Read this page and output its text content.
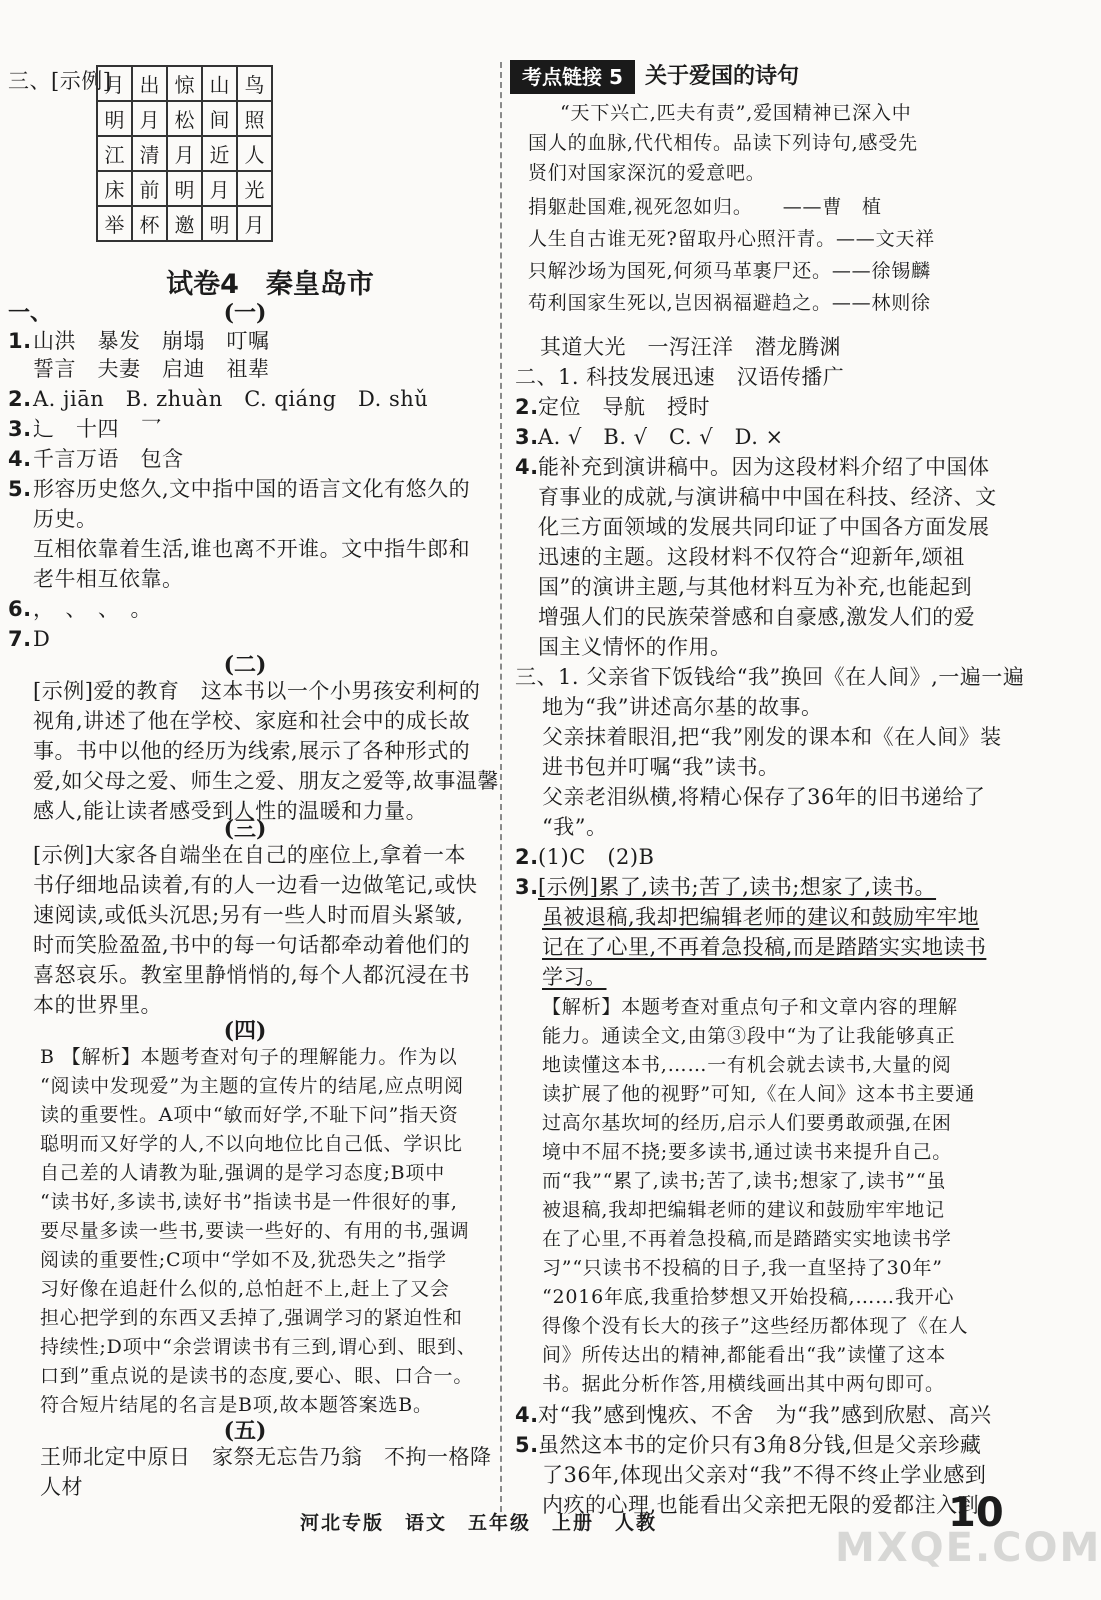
三、[示例]
月	出	惊	山	鸟
明	月	松	间	照
江	清	月	近	人
床	前	明	月	光
举	杯	邀	明	月
试卷4　秦皇岛市
一、	(一)
1. 山洪　暴发　崩塌　叮嘱
誓言　夫妻　启迪　祖辈
2. A. jiān　B. zhuàn　C. qiáng　D. shǔ
3. 辶　十四　乛
4. 千言万语　包含
5. 形容历史悠久,文中指中国的语言文化有悠久的
历史。
互相依靠着生活,谁也离不开谁。文中指牛郎和
老牛相互依靠。
6. ，　、　、　。
7. D
(二)
[示例]爱的教育　这本书以一个小男孩安利柯的
视角,讲述了他在学校、家庭和社会中的成长故
事。书中以他的经历为线索,展示了各种形式的
爱,如父母之爱、师生之爱、朋友之爱等,故事温馨
感人,能让读者感受到人性的温暖和力量。
(三)
[示例]大家各自端坐在自己的座位上,拿着一本
书仔细地品读着,有的人一边看一边做笔记,或快
速阅读,或低头沉思;另有一些人时而眉头紧皱,
时而笑脸盈盈,书中的每一句话都牵动着他们的
喜怒哀乐。教室里静悄悄的,每个人都沉浸在书
本的世界里。
(四)
B 【解析】本题考查对句子的理解能力。作为以
“阅读中发现爱”为主题的宣传片的结尾,应点明阅
读的重要性。A项中“敏而好学,不耻下问”指天资
聪明而又好学的人,不以向地位比自己低、学识比
自己差的人请教为耻,强调的是学习态度;B项中
“读书好,多读书,读好书”指读书是一件很好的事,
要尽量多读一些书,要读一些好的、有用的书,强调
阅读的重要性;C项中“学如不及,犹恐失之”指学
习好像在追赶什么似的,总怕赶不上,赶上了又会
担心把学到的东西又丢掉了,强调学习的紧迫性和
持续性;D项中“余尝谓读书有三到,谓心到、眼到、
口到”重点说的是读书的态度,要心、眼、口合一。
符合短片结尾的名言是B项,故本题答案选B。
(五)
王师北定中原日　家祭无忘告乃翁　不拘一格降
人材
考点链接 5	关于爱国的诗句
“天下兴亡,匹夫有责”,爱国精神已深入中
国人的血脉,代代相传。品读下列诗句,感受先
贤们对国家深沉的爱意吧。
捐躯赴国难,视死忽如归。　　——曹　植
人生自古谁无死?留取丹心照汗青。——文天祥
只解沙场为国死,何须马革裹尸还。——徐锡麟
苟利国家生死以,岂因祸福避趋之。——林则徐
其道大光　一泻汪洋　潜龙腾渊
二、1. 科技发展迅速　汉语传播广
2. 定位　导航　授时
3. A. √　B. √　C. √　D. ×
4. 能补充到演讲稿中。因为这段材料介绍了中国体
育事业的成就,与演讲稿中中国在科技、经济、文
化三方面领域的发展共同印证了中国各方面发展
迅速的主题。这段材料不仅符合“迎新年,颂祖
国”的演讲主题,与其他材料互为补充,也能起到
增强人们的民族荣誉感和自豪感,激发人们的爱
国主义情怀的作用。
三、1. 父亲省下饭钱给“我”换回《在人间》,一遍一遍
地为“我”讲述高尔基的故事。
父亲抹着眼泪,把“我”刚发的课本和《在人间》装
进书包并叮嘱“我”读书。
父亲老泪纵横,将精心保存了36年的旧书递给了
“我”。
2. (1)C　(2)B
3. [示例]累了,读书;苦了,读书;想家了,读书。
虽被退稿,我却把编辑老师的建议和鼓励牢牢地
记在了心里,不再着急投稿,而是踏踏实实地读书
学习。
【解析】本题考查对重点句子和文章内容的理解
能力。通读全文,由第③段中“为了让我能够真正
地读懂这本书,……一有机会就去读书,大量的阅
读扩展了他的视野”可知,《在人间》这本书主要通
过高尔基坎坷的经历,启示人们要勇敢顽强,在困
境中不屈不挠;要多读书,通过读书来提升自己。
而“我”“累了,读书;苦了,读书;想家了,读书”“虽
被退稿,我却把编辑老师的建议和鼓励牢牢地记
在了心里,不再着急投稿,而是踏踏实实地读书学
习”“只读书不投稿的日子,我一直坚持了30年”
“2016年底,我重拾梦想又开始投稿,……我开心
得像个没有长大的孩子”这些经历都体现了《在人
间》所传达出的精神,都能看出“我”读懂了这本
书。据此分析作答,用横线画出其中两句即可。
4. 对“我”感到愧疚、不舍　为“我”感到欣慰、高兴
5. 虽然这本书的定价只有3角8分钱,但是父亲珍藏
了36年,体现出父亲对“我”不得不终止学业感到
内疚的心理,也能看出父亲把无限的爱都注入到
河北专版　语文　五年级　上册　人教	10
MXQE.COM
